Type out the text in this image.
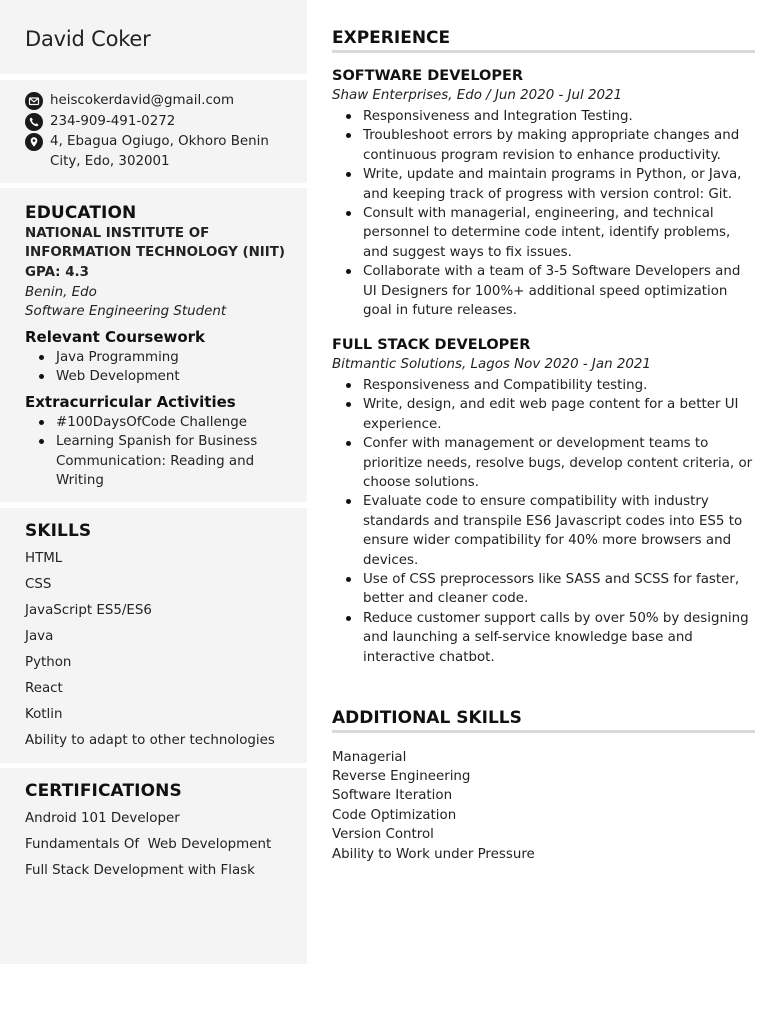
David Coker
heiscokerdavid@gmail.com
234-909-491-0272
4, Ebagua Ogiugo, Okhoro Benin City, Edo, 302001
EDUCATION
NATIONAL INSTITUTE OF INFORMATION TECHNOLOGY (NIIT)
GPA: 4.3
Benin, Edo
Software Engineering Student
Relevant Coursework
Java Programming
Web Development
Extracurricular Activities
#100DaysOfCode Challenge
Learning Spanish for Business Communication: Reading and Writing
SKILLS
HTML
CSS
JavaScript ES5/ES6
Java
Python
React
Kotlin
Ability to adapt to other technologies
CERTIFICATIONS
Android 101 Developer
Fundamentals Of  Web Development
Full Stack Development with Flask
EXPERIENCE
SOFTWARE DEVELOPER
Shaw Enterprises, Edo / Jun 2020 - Jul 2021
Responsiveness and Integration Testing.
Troubleshoot errors by making appropriate changes and continuous program revision to enhance productivity.
Write, update and maintain programs in Python, or Java, and keeping track of progress with version control: Git.
Consult with managerial, engineering, and technical personnel to determine code intent, identify problems, and suggest ways to fix issues.
Collaborate with a team of 3-5 Software Developers and UI Designers for 100%+ additional speed optimization goal in future releases.
FULL STACK DEVELOPER
Bitmantic Solutions, Lagos Nov 2020 - Jan 2021
Responsiveness and Compatibility testing.
Write, design, and edit web page content for a better UI experience.
Confer with management or development teams to prioritize needs, resolve bugs, develop content criteria, or choose solutions.
Evaluate code to ensure compatibility with industry standards and transpile ES6 Javascript codes into ES5 to ensure wider compatibility for 40% more browsers and devices.
Use of CSS preprocessors like SASS and SCSS for faster, better and cleaner code.
Reduce customer support calls by over 50% by designing and launching a self-service knowledge base and interactive chatbot.
ADDITIONAL SKILLS
Managerial
Reverse Engineering
Software Iteration
Code Optimization
Version Control
Ability to Work under Pressure
